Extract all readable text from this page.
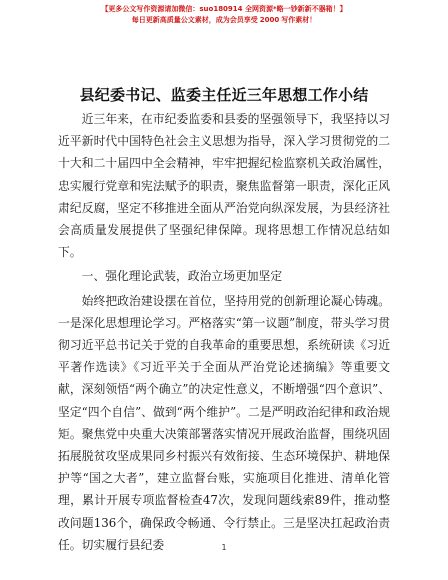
【更多公文写作资源请加微信：suo180914 全网资源*略一钞新新不器箱！】
每日更新高质量公文素材，成为会员享受 2000 写作素材！
县纪委书记、监委主任近三年思想工作小结

近三年来，在市纪委监委和县委的坚强领导下，我坚持以习近平新时代中国特色社会主义思想为指导，深入学习贯彻党的二十大和二十届四中全会精神，牢牢把握纪检监察机关政治属性，忠实履行党章和宪法赋予的职责，聚焦监督第一职责，深化正风肃纪反腐，坚定不移推进全面从严治党向纵深发展，为县经济社会高质量发展提供了坚强纪律保障。现将思想工作情况总结如下。

一、强化理论武装，政治立场更加坚定

始终把政治建设摆在首位，坚持用党的创新理论凝心铸魂。一是深化思想理论学习。严格落实“第一议题”制度，带头学习贯彻习近平总书记关于党的自我革命的重要思想，系统研读《习近平著作选读》《习近平关于全面从严治党论述摘编》等重要文献，深刻领悟“两个确立”的决定性意义，不断增强“四个意识”、坚定“四个自信”、做到“两个维护”。二是严明政治纪律和政治规矩。聚焦党中央重大决策部署落实情况开展政治监督，围绕巩固拓展脱贫攻坚成果同乡村振兴有效衔接、生态环境保护、耕地保护等“国之大者”，建立监督台账，实施项目化推进、清单化管理，累计开展专项监督检查47次，发现问题线索89件，推动整改问题136个，确保政令畅通、令行禁止。三是坚决扛起政治责任。切实履行县纪委	1
